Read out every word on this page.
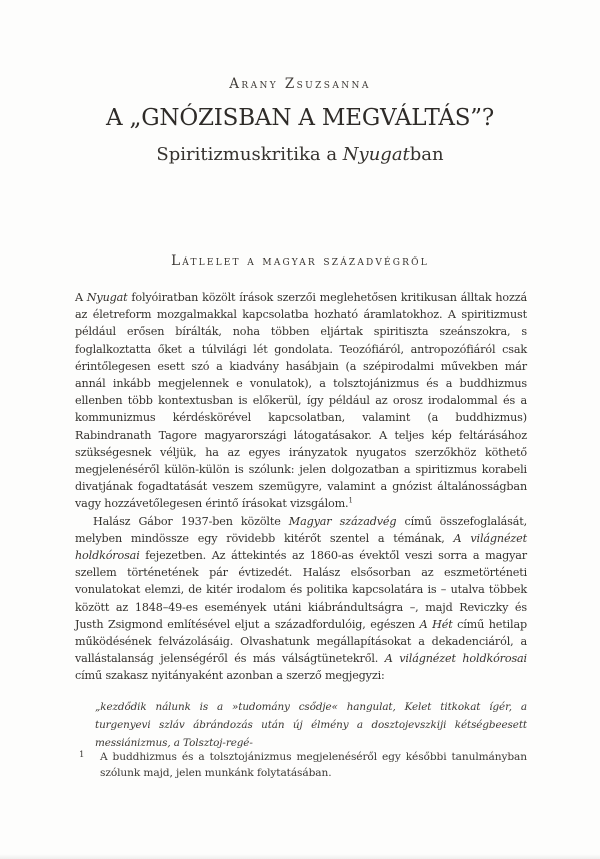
Arany Zsuzsanna
A „GNÓZISBAN A MEGVÁLTÁS”?
Spiritizmuskritika a Nyugatban
Látlelet a magyar századvégről

A Nyugat folyóiratban közölt írások szerzői meglehetősen kritikusan álltak hozzá az életreform mozgalmakkal kapcsolatba hozható áramlatokhoz. A spiritizmust például erősen bírálták, noha többen eljártak spiritiszta szeánszokra, s foglalkoztatta őket a túlvilági lét gondolata. Teozófiáról, antropozófiáról csak érintőlegesen esett szó a kiadvány hasábjain (a szépirodalmi művekben már annál inkább megjelennek e vonulatok), a tolsztojánizmus és a buddhizmus ellenben több kontextusban is előkerül, így például az orosz irodalommal és a kommunizmus kérdéskörével kapcsolatban, valamint (a buddhizmus) Rabindranath Tagore magyarországi látogatásakor. A teljes kép feltárásához szükségesnek véljük, ha az egyes irányzatok nyugatos szerzőkhöz köthető megjelenéséről külön-külön is szólunk: jelen dolgozatban a spiritizmus korabeli divatjának fogadtatását veszem szemügyre, valamint a gnózist általánosságban vagy hozzávetőlegesen érintő írásokat vizsgálom.$^1$

Halász Gábor 1937-ben közölte Magyar századvég című összefoglalását, melyben mindössze egy rövidebb kitérőt szentel a témának, A világnézet holdkórosai fejezetben. Az áttekintés az 1860-as évektől veszi sorra a magyar szellem történetének pár évtizedét. Halász elsősorban az eszmetörténeti vonulatokat elemzi, de kitér irodalom és politika kapcsolatára is – utalva többek között az 1848–49-es események utáni kiábrándultságra –, majd Reviczky és Justh Zsigmond említésével eljut a századfordulóig, egészen A Hét című hetilap működésének felvázolásáig. Olvashatunk megállapításokat a dekadenciáról, a vallástalanság jelenségéről és más válságtünetekről. A világnézet holdkórosai című szakasz nyitányaként azonban a szerző megjegyzi:

„kezdődik nálunk is a »tudomány csődje« hangulat, Kelet titkokat ígér, a turgenyevi szláv ábrándozás után új élmény a dosztojevszkiji kétségbeesett messiánizmus, a Tolsztoj-regé-
1 A buddhizmus és a tolsztojánizmus megjelenéséről egy későbbi tanulmányban szólunk majd, jelen munkánk folytatásában.
